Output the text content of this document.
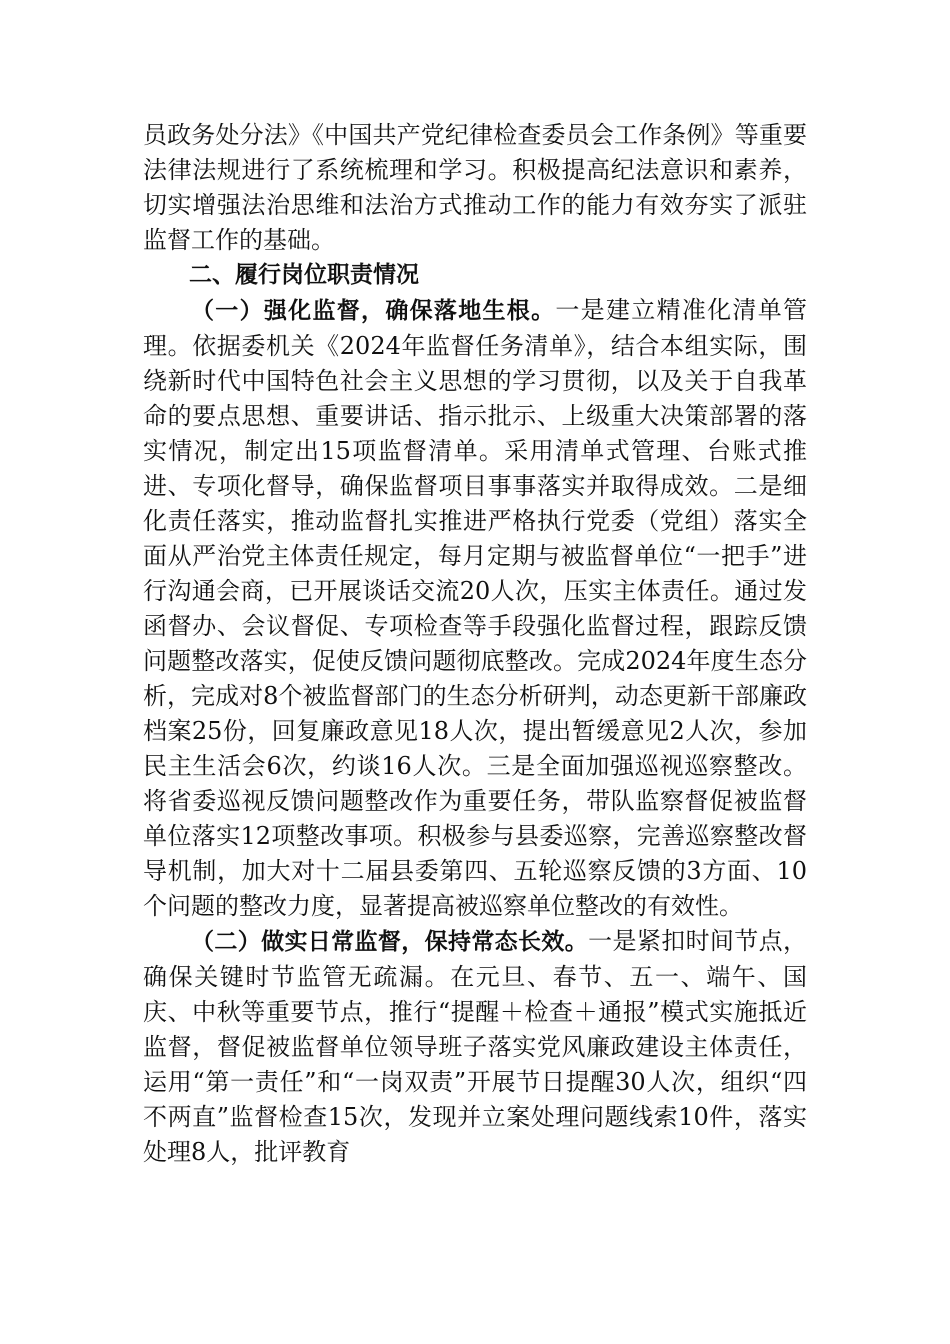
员政务处分法》《中国共产党纪律检查委员会工作条例》等重要法律法规进行了系统梳理和学习。积极提高纪法意识和素养，切实增强法治思维和法治方式推动工作的能力有效夯实了派驻监督工作的基础。

二、履行岗位职责情况

（一）强化监督，确保落地生根。一是建立精准化清单管理。依据委机关《2024年监督任务清单》，结合本组实际，围绕新时代中国特色社会主义思想的学习贯彻，以及关于自我革命的要点思想、重要讲话、指示批示、上级重大决策部署的落实情况，制定出15项监督清单。采用清单式管理、台账式推进、专项化督导，确保监督项目事事落实并取得成效。二是细化责任落实，推动监督扎实推进严格执行党委（党组）落实全面从严治党主体责任规定，每月定期与被监督单位“一把手”进行沟通会商，已开展谈话交流20人次，压实主体责任。通过发函督办、会议督促、专项检查等手段强化监督过程，跟踪反馈问题整改落实，促使反馈问题彻底整改。完成2024年度生态分析，完成对8个被监督部门的生态分析研判，动态更新干部廉政档案25份，回复廉政意见18人次，提出暂缓意见2人次，参加民主生活会6次，约谈16人次。三是全面加强巡视巡察整改。将省委巡视反馈问题整改作为重要任务，带队监察督促被监督单位落实12项整改事项。积极参与县委巡察，完善巡察整改督导机制，加大对十二届县委第四、五轮巡察反馈的3方面、10个问题的整改力度，显著提高被巡察单位整改的有效性。

（二）做实日常监督，保持常态长效。一是紧扣时间节点，确保关键时节监管无疏漏。在元旦、春节、五一、端午、国庆、中秋等重要节点，推行“提醒＋检查＋通报”模式实施抵近监督，督促被监督单位领导班子落实党风廉政建设主体责任，运用“第一责任”和“一岗双责”开展节日提醒30人次，组织“四不两直”监督检查15次，发现并立案处理问题线索10件，落实处理8人，批评教育
